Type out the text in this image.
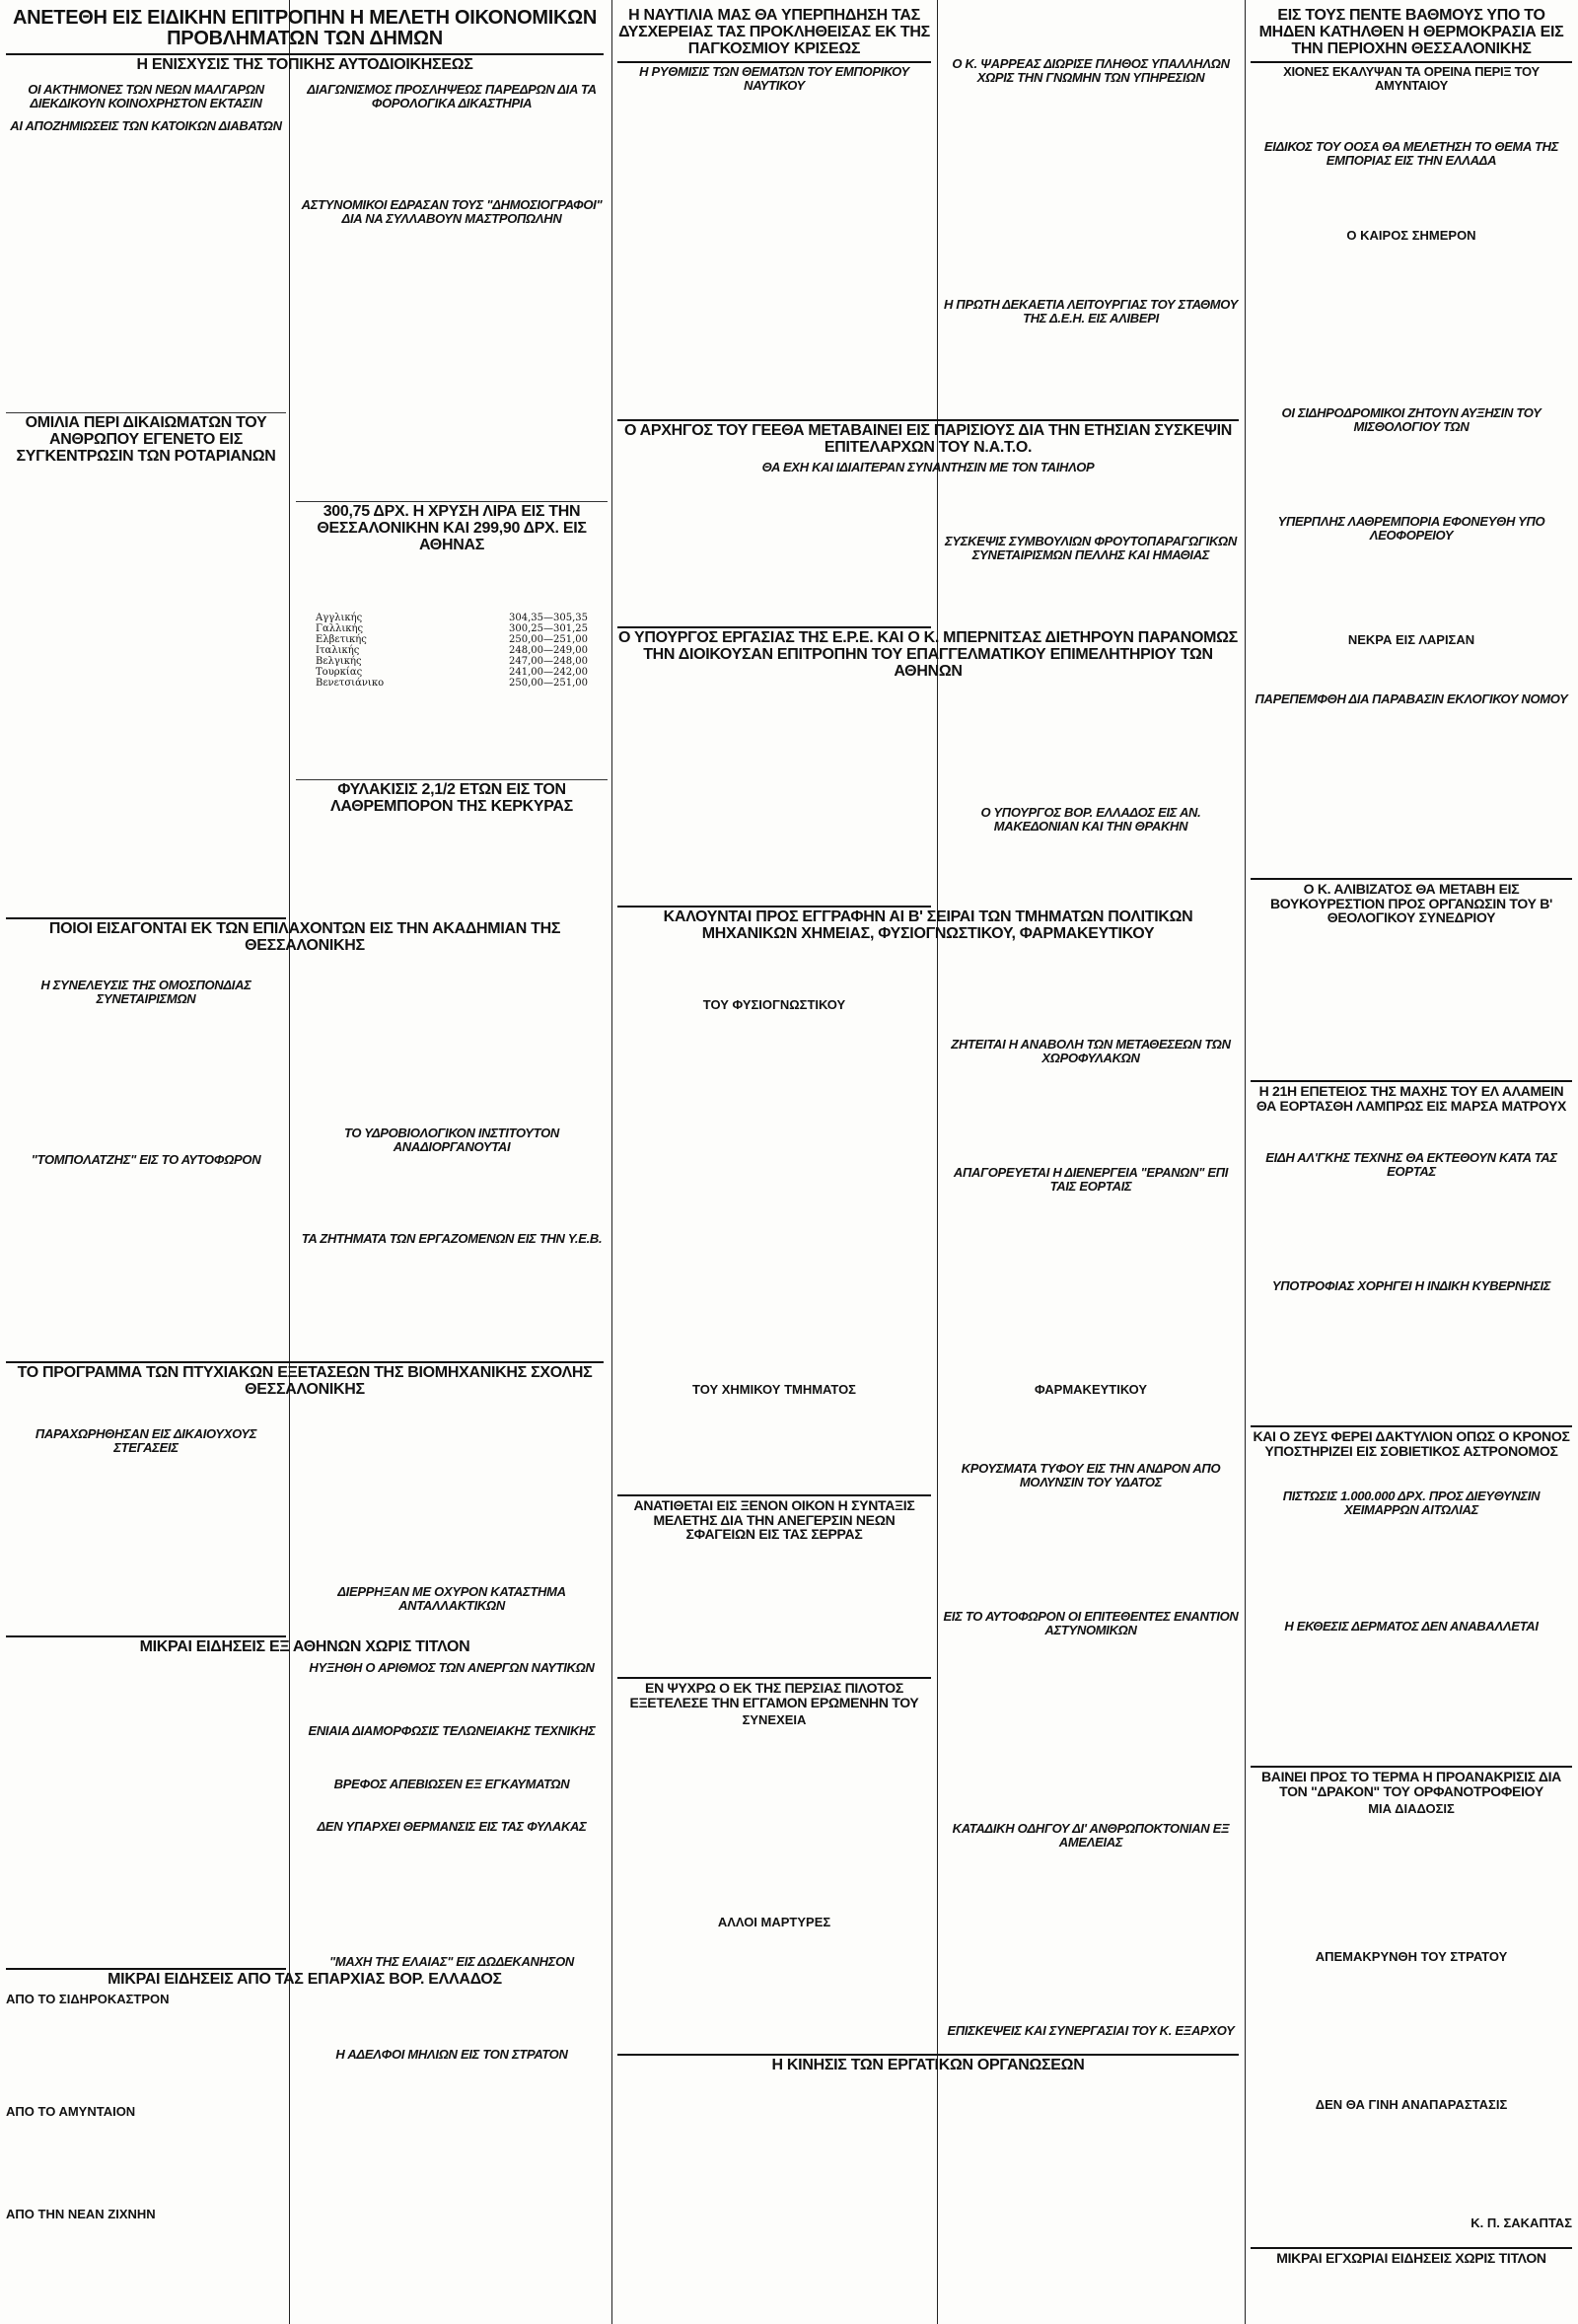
ΑΝΕΤΕΘΗ ΕΙΣ ΕΙΔΙΚΗΝ ΕΠΙΤΡΟΠΗΝ Η ΜΕΛΕΤΗ ΟΙΚΟΝΟΜΙΚΩΝ ΠΡΟΒΛΗΜΑΤΩΝ ΤΩΝ ΔΗΜΩΝ
Η ΕΝΙΣΧΥΣΙΣ ΤΗΣ ΤΟΠΙΚΗΣ ΑΥΤΟΔΙΟΙΚΗΣΕΩΣ
ΟΙ ΑΚΤΗΜΟΝΕΣ ΤΩΝ ΝΕΩΝ ΜΑΛΓΑΡΩΝ ΔΙΕΚΔΙΚΟΥΝ ΚΟΙΝΟΧΡΗΣΤΟΝ ΕΚΤΑΣΙΝ
ΑΙ ΑΠΟΖΗΜΙΩΣΕΙΣ ΤΩΝ ΚΑΤΟΙΚΩΝ ΔΙΑΒΑΤΩΝ
ΔΙΑΓΩΝΙΣΜΟΣ ΠΡΟΣΛΗΨΕΩΣ ΠΑΡΕΔΡΩΝ ΔΙΑ ΤΑ ΦΟΡΟΛΟΓΙΚΑ ΔΙΚΑΣΤΗΡΙΑ
ΑΣΤΥΝΟΜΙΚΟΙ ΕΔΡΑΣΑΝ ΤΟΥΣ "ΔΗΜΟΣΙΟΓΡΑΦΟΙ" ΔΙΑ ΝΑ ΣΥΛΛΑΒΟΥΝ ΜΑΣΤΡΟΠΩΛΗΝ
ΟΜΙΛΙΑ ΠΕΡΙ ΔΙΚΑΙΩΜΑΤΩΝ ΤΟΥ ΑΝΘΡΩΠΟΥ ΕΓΕΝΕΤΟ ΕΙΣ ΣΥΓΚΕΝΤΡΩΣΙΝ ΤΩΝ ΡΟΤΑΡΙΑΝΩΝ
300,75 ΔΡΧ. Η ΧΡΥΣΗ ΛΙΡΑ ΕΙΣ ΤΗΝ ΘΕΣΣΑΛΟΝΙΚΗΝ ΚΑΙ 299,90 ΔΡΧ. ΕΙΣ ΑΘΗΝΑΣ
Αγγλικής	304,35—305,35
Γαλλικής	300,25—301,25
Ελβετικής	250,00—251,00
Ιταλικής	248,00—249,00
Βελγικής	247,00—248,00
Τουρκίας	241,00—242,00
Βενετσιάνικο	250,00—251,00
ΦΥΛΑΚΙΣΙΣ 2,1/2 ΕΤΩΝ ΕΙΣ ΤΟΝ ΛΑΘΡΕΜΠΟΡΟΝ ΤΗΣ ΚΕΡΚΥΡΑΣ
ΠΟΙΟΙ ΕΙΣΑΓΟΝΤΑΙ ΕΚ ΤΩΝ ΕΠΙΛΑΧΟΝΤΩΝ ΕΙΣ ΤΗΝ ΑΚΑΔΗΜΙΑΝ ΤΗΣ ΘΕΣΣΑΛΟΝΙΚΗΣ
Η ΣΥΝΕΛΕΥΣΙΣ ΤΗΣ ΟΜΟΣΠΟΝΔΙΑΣ ΣΥΝΕΤΑΙΡΙΣΜΩΝ
"ΤΟΜΠΟΛΑΤΖΗΣ" ΕΙΣ ΤΟ ΑΥΤΟΦΩΡΟΝ
ΤΟ ΥΔΡΟΒΙΟΛΟΓΙΚΟΝ ΙΝΣΤΙΤΟΥΤΟΝ ΑΝΑΔΙΟΡΓΑΝΟΥΤΑΙ
ΤΑ ΖΗΤΗΜΑΤΑ ΤΩΝ ΕΡΓΑΖΟΜΕΝΩΝ ΕΙΣ ΤΗΝ Υ.Ε.Β.
ΤΟ ΠΡΟΓΡΑΜΜΑ ΤΩΝ ΠΤΥΧΙΑΚΩΝ ΕΞΕΤΑΣΕΩΝ ΤΗΣ ΒΙΟΜΗΧΑΝΙΚΗΣ ΣΧΟΛΗΣ ΘΕΣΣΑΛΟΝΙΚΗΣ
ΠΑΡΑΧΩΡΗΘΗΣΑΝ ΕΙΣ ΔΙΚΑΙΟΥΧΟΥΣ ΣΤΕΓΑΣΕΙΣ
ΔΙΕΡΡΗΞΑΝ ΜΕ ΟΧΥΡΟΝ ΚΑΤΑΣΤΗΜΑ ΑΝΤΑΛΛΑΚΤΙΚΩΝ
ΗΥΞΗΘΗ Ο ΑΡΙΘΜΟΣ ΤΩΝ ΑΝΕΡΓΩΝ ΝΑΥΤΙΚΩΝ
ΕΝΙΑΙΑ ΔΙΑΜΟΡΦΩΣΙΣ ΤΕΛΩΝΕΙΑΚΗΣ ΤΕΧΝΙΚΗΣ
ΒΡΕΦΟΣ ΑΠΕΒΙΩΣΕΝ ΕΞ ΕΓΚΑΥΜΑΤΩΝ
ΔΕΝ ΥΠΑΡΧΕΙ ΘΕΡΜΑΝΣΙΣ ΕΙΣ ΤΑΣ ΦΥΛΑΚΑΣ
"ΜΑΧΗ ΤΗΣ ΕΛΑΙΑΣ" ΕΙΣ ΔΩΔΕΚΑΝΗΣΟΝ
Η ΑΔΕΛΦΟΙ ΜΗΛΙΩΝ ΕΙΣ ΤΟΝ ΣΤΡΑΤΟΝ
ΜΙΚΡΑΙ ΕΙΔΗΣΕΙΣ ΕΞ ΑΘΗΝΩΝ ΧΩΡΙΣ ΤΙΤΛΟΝ
ΜΙΚΡΑΙ ΕΙΔΗΣΕΙΣ ΑΠΟ ΤΑΣ ΕΠΑΡΧΙΑΣ ΒΟΡ. ΕΛΛΑΔΟΣ
ΑΠΟ ΤΟ ΣΙΔΗΡΟΚΑΣΤΡΟΝ
ΑΠΟ ΤΟ ΑΜΥΝΤΑΙΟΝ
ΑΠΟ ΤΗΝ ΝΕΑΝ ΖΙΧΝΗΝ
Η ΝΑΥΤΙΛΙΑ ΜΑΣ ΘΑ ΥΠΕΡΠΗΔΗΣΗ ΤΑΣ ΔΥΣΧΕΡΕΙΑΣ ΤΑΣ ΠΡΟΚΛΗΘΕΙΣΑΣ ΕΚ ΤΗΣ ΠΑΓΚΟΣΜΙΟΥ ΚΡΙΣΕΩΣ
Η ΡΥΘΜΙΣΙΣ ΤΩΝ ΘΕΜΑΤΩΝ ΤΟΥ ΕΜΠΟΡΙΚΟΥ ΝΑΥΤΙΚΟΥ
Ο Κ. ΨΑΡΡΕΑΣ ΔΙΩΡΙΣΕ ΠΛΗΘΟΣ ΥΠΑΛΛΗΛΩΝ ΧΩΡΙΣ ΤΗΝ ΓΝΩΜΗΝ ΤΩΝ ΥΠΗΡΕΣΙΩΝ
Η ΠΡΩΤΗ ΔΕΚΑΕΤΙΑ ΛΕΙΤΟΥΡΓΙΑΣ ΤΟΥ ΣΤΑΘΜΟΥ ΤΗΣ Δ.Ε.Η. ΕΙΣ ΑΛΙΒΕΡΙ
Ο ΑΡΧΗΓΟΣ ΤΟΥ ΓΕΕΘΑ ΜΕΤΑΒΑΙΝΕΙ ΕΙΣ ΠΑΡΙΣΙΟΥΣ ΔΙΑ ΤΗΝ ΕΤΗΣΙΑΝ ΣΥΣΚΕΨΙΝ ΕΠΙΤΕΛΑΡΧΩΝ ΤΟΥ Ν.Α.Τ.Ο.
ΘΑ ΕΧΗ ΚΑΙ ΙΔΙΑΙΤΕΡΑΝ ΣΥΝΑΝΤΗΣΙΝ ΜΕ ΤΟΝ ΤΑΙΗΛΟΡ
ΣΥΣΚΕΨΙΣ ΣΥΜΒΟΥΛΙΩΝ ΦΡΟΥΤΟΠΑΡΑΓΩΓΙΚΩΝ ΣΥΝΕΤΑΙΡΙΣΜΩΝ ΠΕΛΛΗΣ ΚΑΙ ΗΜΑΘΙΑΣ
Ο ΥΠΟΥΡΓΟΣ ΕΡΓΑΣΙΑΣ ΤΗΣ Ε.Ρ.Ε. ΚΑΙ Ο Κ. ΜΠΕΡΝΙΤΣΑΣ ΔΙΕΤΗΡΟΥΝ ΠΑΡΑΝΟΜΩΣ ΤΗΝ ΔΙΟΙΚΟΥΣΑΝ ΕΠΙΤΡΟΠΗΝ ΤΟΥ ΕΠΑΓΓΕΛΜΑΤΙΚΟΥ ΕΠΙΜΕΛΗΤΗΡΙΟΥ ΤΩΝ ΑΘΗΝΩΝ
Ο ΥΠΟΥΡΓΟΣ ΒΟΡ. ΕΛΛΑΔΟΣ ΕΙΣ ΑΝ. ΜΑΚΕΔΟΝΙΑΝ ΚΑΙ ΤΗΝ ΘΡΑΚΗΝ
ΚΑΛΟΥΝΤΑΙ ΠΡΟΣ ΕΓΓΡΑΦΗΝ ΑΙ Β' ΣΕΙΡΑΙ ΤΩΝ ΤΜΗΜΑΤΩΝ ΠΟΛΙΤΙΚΩΝ ΜΗΧΑΝΙΚΩΝ ΧΗΜΕΙΑΣ, ΦΥΣΙΟΓΝΩΣΤΙΚΟΥ, ΦΑΡΜΑΚΕΥΤΙΚΟΥ
ΤΟΥ ΦΥΣΙΟΓΝΩΣΤΙΚΟΥ
ΖΗΤΕΙΤΑΙ Η ΑΝΑΒΟΛΗ ΤΩΝ ΜΕΤΑΘΕΣΕΩΝ ΤΩΝ ΧΩΡΟΦΥΛΑΚΩΝ
ΑΠΑΓΟΡΕΥΕΤΑΙ Η ΔΙΕΝΕΡΓΕΙΑ "ΕΡΑΝΩΝ" ΕΠΙ ΤΑΙΣ ΕΟΡΤΑΙΣ
ΤΟΥ ΧΗΜΙΚΟΥ ΤΜΗΜΑΤΟΣ	ΦΑΡΜΑΚΕΥΤΙΚΟΥ
ΚΡΟΥΣΜΑΤΑ ΤΥΦΟΥ ΕΙΣ ΤΗΝ ΑΝΔΡΟΝ ΑΠΟ ΜΟΛΥΝΣΙΝ ΤΟΥ ΥΔΑΤΟΣ
ΑΝΑΤΙΘΕΤΑΙ ΕΙΣ ΞΕΝΟΝ ΟΙΚΟΝ Η ΣΥΝΤΑΞΙΣ ΜΕΛΕΤΗΣ ΔΙΑ ΤΗΝ ΑΝΕΓΕΡΣΙΝ ΝΕΩΝ ΣΦΑΓΕΙΩΝ ΕΙΣ ΤΑΣ ΣΕΡΡΑΣ
ΕΙΣ ΤΟ ΑΥΤΟΦΩΡΟΝ ΟΙ ΕΠΙΤΕΘΕΝΤΕΣ ΕΝΑΝΤΙΟΝ ΑΣΤΥΝΟΜΙΚΩΝ
ΕΝ ΨΥΧΡΩ Ο ΕΚ ΤΗΣ ΠΕΡΣΙΑΣ ΠΙΛΟΤΟΣ ΕΞΕΤΕΛΕΣΕ ΤΗΝ ΕΓΓΑΜΟΝ ΕΡΩΜΕΝΗΝ ΤΟΥ
ΣΥΝΕΧΕΙΑ
ΚΑΤΑΔΙΚΗ ΟΔΗΓΟΥ ΔΙ' ΑΝΘΡΩΠΟΚΤΟΝΙΑΝ ΕΞ ΑΜΕΛΕΙΑΣ
ΑΛΛΟΙ ΜΑΡΤΥΡΕΣ
ΕΠΙΣΚΕΨΕΙΣ ΚΑΙ ΣΥΝΕΡΓΑΣΙΑΙ ΤΟΥ Κ. ΕΞΑΡΧΟΥ
Η ΚΙΝΗΣΙΣ ΤΩΝ ΕΡΓΑΤΙΚΩΝ ΟΡΓΑΝΩΣΕΩΝ
ΕΙΣ ΤΟΥΣ ΠΕΝΤΕ ΒΑΘΜΟΥΣ ΥΠΟ ΤΟ ΜΗΔΕΝ ΚΑΤΗΛΘΕΝ Η ΘΕΡΜΟΚΡΑΣΙΑ ΕΙΣ ΤΗΝ ΠΕΡΙΟΧΗΝ ΘΕΣΣΑΛΟΝΙΚΗΣ
ΧΙΟΝΕΣ ΕΚΑΛΥΨΑΝ ΤΑ ΟΡΕΙΝΑ ΠΕΡΙΞ ΤΟΥ ΑΜΥΝΤΑΙΟΥ
Ο ΚΑΙΡΟΣ ΣΗΜΕΡΟΝ
ΕΙΔΙΚΟΣ ΤΟΥ ΟΟΣΑ ΘΑ ΜΕΛΕΤΗΣΗ ΤΟ ΘΕΜΑ ΤΗΣ ΕΜΠΟΡΙΑΣ ΕΙΣ ΤΗΝ ΕΛΛΑΔΑ
ΟΙ ΣΙΔΗΡΟΔΡΟΜΙΚΟΙ ΖΗΤΟΥΝ ΑΥΞΗΣΙΝ ΤΟΥ ΜΙΣΘΟΛΟΓΙΟΥ ΤΩΝ
ΥΠΕΡΠΛΗΣ ΛΑΘΡΕΜΠΟΡΙΑ ΕΦΟΝΕΥΘΗ ΥΠΟ ΛΕΟΦΟΡΕΙΟΥ
ΝΕΚΡΑ ΕΙΣ ΛΑΡΙΣΑΝ
ΠΑΡΕΠΕΜΦΘΗ ΔΙΑ ΠΑΡΑΒΑΣΙΝ ΕΚΛΟΓΙΚΟΥ ΝΟΜΟΥ
Ο Κ. ΑΛΙΒΙΖΑΤΟΣ ΘΑ ΜΕΤΑΒΗ ΕΙΣ ΒΟΥΚΟΥΡΕΣΤΙΟΝ ΠΡΟΣ ΟΡΓΑΝΩΣΙΝ ΤΟΥ Β' ΘΕΟΛΟΓΙΚΟΥ ΣΥΝΕΔΡΙΟΥ
Η 21Η ΕΠΕΤΕΙΟΣ ΤΗΣ ΜΑΧΗΣ ΤΟΥ ΕΛ ΑΛΑΜΕΙΝ ΘΑ ΕΟΡΤΑΣΘΗ ΛΑΜΠΡΩΣ ΕΙΣ ΜΑΡΣΑ ΜΑΤΡΟΥΧ
ΕΙΔΗ ΑΛ'ΓΚΗΣ ΤΕΧΝΗΣ ΘΑ ΕΚΤΕΘΟΥΝ ΚΑΤΑ ΤΑΣ ΕΟΡΤΑΣ
ΥΠΟΤΡΟΦΙΑΣ ΧΟΡΗΓΕΙ Η ΙΝΔΙΚΗ ΚΥΒΕΡΝΗΣΙΣ
ΚΑΙ Ο ΖΕΥΣ ΦΕΡΕΙ ΔΑΚΤΥΛΙΟΝ ΟΠΩΣ Ο ΚΡΟΝΟΣ ΥΠΟΣΤΗΡΙΖΕΙ ΕΙΣ ΣΟΒΙΕΤΙΚΟΣ ΑΣΤΡΟΝΟΜΟΣ
ΠΙΣΤΩΣΙΣ 1.000.000 ΔΡΧ. ΠΡΟΣ ΔΙΕΥΘΥΝΣΙΝ ΧΕΙΜΑΡΡΩΝ ΑΙΤΩΛΙΑΣ
Η ΕΚΘΕΣΙΣ ΔΕΡΜΑΤΟΣ ΔΕΝ ΑΝΑΒΑΛΛΕΤΑΙ
ΒΑΙΝΕΙ ΠΡΟΣ ΤΟ ΤΕΡΜΑ Η ΠΡΟΑΝΑΚΡΙΣΙΣ ΔΙΑ ΤΟΝ "ΔΡΑΚΟΝ" ΤΟΥ ΟΡΦΑΝΟΤΡΟΦΕΙΟΥ
ΜΙΑ ΔΙΑΔΟΣΙΣ
ΑΠΕΜΑΚΡΥΝΘΗ ΤΟΥ ΣΤΡΑΤΟΥ
ΔΕΝ ΘΑ ΓΙΝΗ ΑΝΑΠΑΡΑΣΤΑΣΙΣ
Κ. Π. ΣΑΚΑΠΤΑΣ
ΜΙΚΡΑΙ ΕΓΧΩΡΙΑΙ ΕΙΔΗΣΕΙΣ ΧΩΡΙΣ ΤΙΤΛΟΝ
